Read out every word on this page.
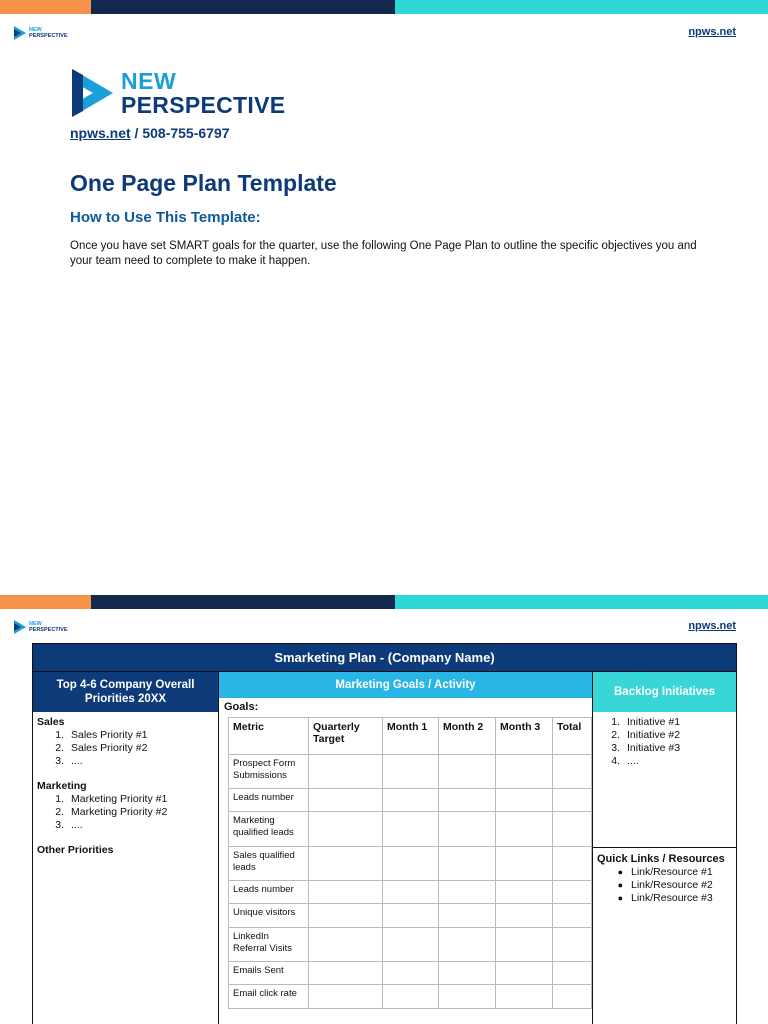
NEW
PERSPECTIVE	npws.net
NEW
PERSPECTIVE
npws.net / 508-755-6797
One Page Plan Template
How to Use This Template:
Once you have set SMART goals for the quarter, use the following One Page Plan to outline the specific objectives you and your team need to complete to make it happen.
NEW
PERSPECTIVE	npws.net
Smarketing Plan - (Company Name)
Top 4-6 Company Overall Priorities 20XX
Sales
1. Sales Priority #1
2. Sales Priority #2
3. ....
Marketing
1. Marketing Priority #1
2. Marketing Priority #2
3. ....
Other Priorities
Marketing Goals / Activity
Goals:
Metric	Quarterly Target	Month 1	Month 2	Month 3	Total
Prospect Form Submissions					
Leads number					
Marketing qualified leads					
Sales qualified leads					
Leads number					
Unique visitors					
LinkedIn Referral Visits					
Emails Sent					
Email click rate					
Backlog Initiatives
1. Initiative #1
2. Initiative #2
3. Initiative #3
4. ....
Quick Links / Resources
● Link/Resource #1
● Link/Resource #2
● Link/Resource #3
